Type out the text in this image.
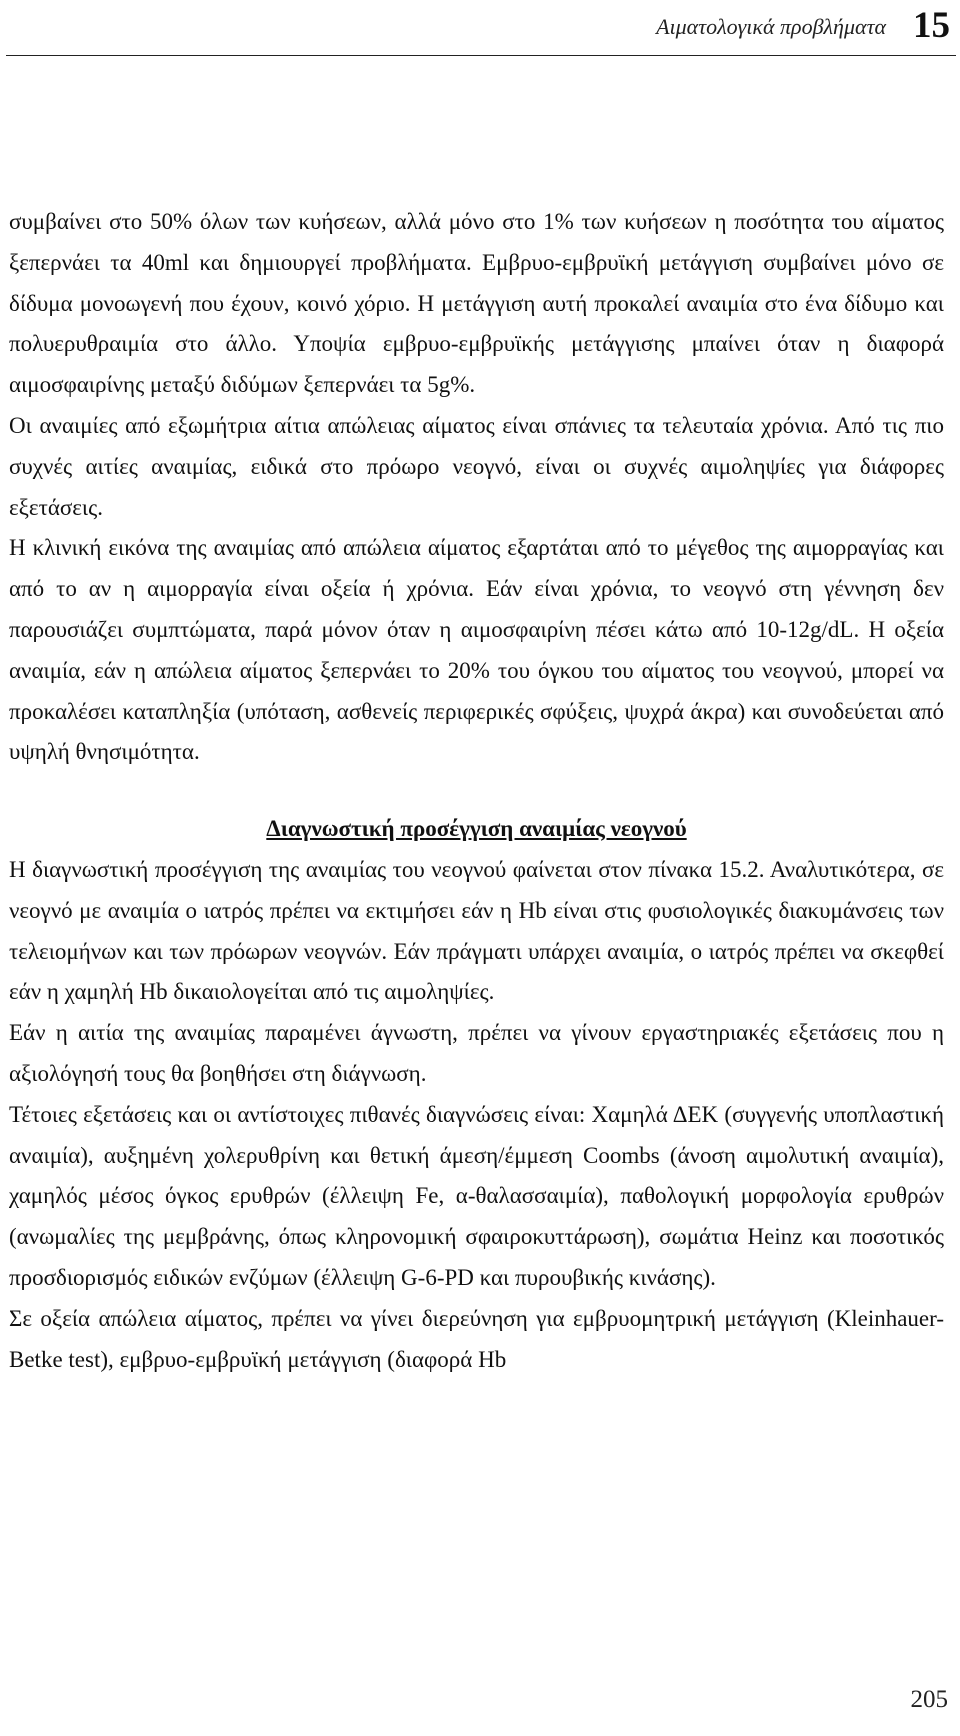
Αιματολογικά προβλήματα 15

συμβαίνει στο 50% όλων των κυήσεων, αλλά μόνο στο 1% των κυήσεων η ποσότητα του αίματος ξεπερνάει τα 40ml και δημιουργεί προβλήματα. Εμβρυο-εμβρυϊκή μετάγγιση συμβαίνει μόνο σε δίδυμα μονοωγενή που έχουν, κοινό χόριο. Η μετάγγιση αυτή προκαλεί αναιμία στο ένα δίδυμο και πολυερυθραιμία στο άλλο. Υποψία εμβρυο-εμβρυϊκής μετάγγισης μπαίνει όταν η διαφορά αιμοσφαιρίνης μεταξύ διδύμων ξεπερνάει τα 5g%.

Οι αναιμίες από εξωμήτρια αίτια απώλειας αίματος είναι σπάνιες τα τελευταία χρόνια. Από τις πιο συχνές αιτίες αναιμίας, ειδικά στο πρόωρο νεογνό, είναι οι συχνές αιμοληψίες για διάφορες εξετάσεις.

Η κλινική εικόνα της αναιμίας από απώλεια αίματος εξαρτάται από το μέγεθος της αιμορραγίας και από το αν η αιμορραγία είναι οξεία ή χρόνια. Εάν είναι χρόνια, το νεογνό στη γέννηση δεν παρουσιάζει συμπτώματα, παρά μόνον όταν η αιμοσφαιρίνη πέσει κάτω από 10-12g/dL. Η οξεία αναιμία, εάν η απώλεια αίματος ξεπερνάει το 20% του όγκου του αίματος του νεογνού, μπορεί να προκαλέσει καταπληξία (υπόταση, ασθενείς περιφερικές σφύξεις, ψυχρά άκρα) και συνοδεύεται από υψηλή θνησιμότητα.

Διαγνωστική προσέγγιση αναιμίας νεογνού

Η διαγνωστική προσέγγιση της αναιμίας του νεογνού φαίνεται στον πίνακα 15.2. Αναλυτικότερα, σε νεογνό με αναιμία ο ιατρός πρέπει να εκτιμήσει εάν η Hb είναι στις φυσιολογικές διακυμάνσεις των τελειομήνων και των πρόωρων νεογνών. Εάν πράγματι υπάρχει αναιμία, ο ιατρός πρέπει να σκεφθεί εάν η χαμηλή Hb δικαιολογείται από τις αιμοληψίες.

Εάν η αιτία της αναιμίας παραμένει άγνωστη, πρέπει να γίνουν εργαστηριακές εξετάσεις που η αξιολόγησή τους θα βοηθήσει στη διάγνωση.

Τέτοιες εξετάσεις και οι αντίστοιχες πιθανές διαγνώσεις είναι: Χαμηλά ΔΕΚ (συγγενής υποπλαστική αναιμία), αυξημένη χολερυθρίνη και θετική άμεση/έμμεση Coombs (άνοση αιμολυτική αναιμία), χαμηλός μέσος όγκος ερυθρών (έλλειψη Fe, α-θαλασσαιμία), παθολογική μορφολογία ερυθρών (ανωμαλίες της μεμβράνης, όπως κληρονομική σφαιροκυττάρωση), σωμάτια Heinz και ποσοτικός προσδιορισμός ειδικών ενζύμων (έλλειψη G-6-PD και πυρουβικής κινάσης).

Σε οξεία απώλεια αίματος, πρέπει να γίνει διερεύνηση για εμβρυομητρική μετάγγιση (Kleinhauer-Betke test), εμβρυο-εμβρυϊκή μετάγγιση (διαφορά Hb

205
